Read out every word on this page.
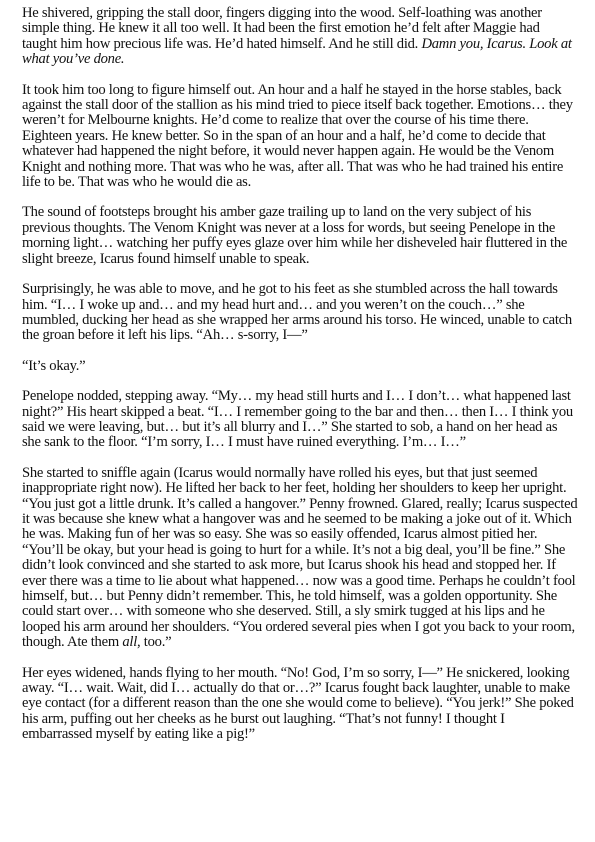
He shivered, gripping the stall door, fingers digging into the wood. Self-loathing was another simple thing. He knew it all too well. It had been the first emotion he’d felt after Maggie had taught him how precious life was. He’d hated himself. And he still did. Damn you, Icarus. Look at what you’ve done.

It took him too long to figure himself out. An hour and a half he stayed in the horse stables, back against the stall door of the stallion as his mind tried to piece itself back together. Emotions… they weren’t for Melbourne knights. He’d come to realize that over the course of his time there. Eighteen years. He knew better. So in the span of an hour and a half, he’d come to decide that whatever had happened the night before, it would never happen again. He would be the Venom Knight and nothing more. That was who he was, after all. That was who he had trained his entire life to be. That was who he would die as.

The sound of footsteps brought his amber gaze trailing up to land on the very subject of his previous thoughts. The Venom Knight was never at a loss for words, but seeing Penelope in the morning light… watching her puffy eyes glaze over him while her disheveled hair fluttered in the slight breeze, Icarus found himself unable to speak.

Surprisingly, he was able to move, and he got to his feet as she stumbled across the hall towards him. “I… I woke up and… and my head hurt and… and you weren’t on the couch…” she mumbled, ducking her head as she wrapped her arms around his torso. He winced, unable to catch the groan before it left his lips. “Ah… s-sorry, I—”

“It’s okay.”

Penelope nodded, stepping away. “My… my head still hurts and I… I don’t… what happened last night?” His heart skipped a beat. “I… I remember going to the bar and then… then I… I think you said we were leaving, but… but it’s all blurry and I…” She started to sob, a hand on her head as she sank to the floor. “I’m sorry, I… I must have ruined everything. I’m… I…”

She started to sniffle again (Icarus would normally have rolled his eyes, but that just seemed inappropriate right now). He lifted her back to her feet, holding her shoulders to keep her upright. “You just got a little drunk. It’s called a hangover.” Penny frowned. Glared, really; Icarus suspected it was because she knew what a hangover was and he seemed to be making a joke out of it. Which he was. Making fun of her was so easy. She was so easily offended, Icarus almost pitied her. “You’ll be okay, but your head is going to hurt for a while. It’s not a big deal, you’ll be fine.” She didn’t look convinced and she started to ask more, but Icarus shook his head and stopped her. If ever there was a time to lie about what happened… now was a good time. Perhaps he couldn’t fool himself, but… but Penny didn’t remember. This, he told himself, was a golden opportunity. She could start over… with someone who she deserved. Still, a sly smirk tugged at his lips and he looped his arm around her shoulders. “You ordered several pies when I got you back to your room, though. Ate them all, too.”

Her eyes widened, hands flying to her mouth. “No! God, I’m so sorry, I—” He snickered, looking away. “I… wait. Wait, did I… actually do that or…?” Icarus fought back laughter, unable to make eye contact (for a different reason than the one she would come to believe). “You jerk!” She poked his arm, puffing out her cheeks as he burst out laughing. “That’s not funny! I thought I embarrassed myself by eating like a pig!”
